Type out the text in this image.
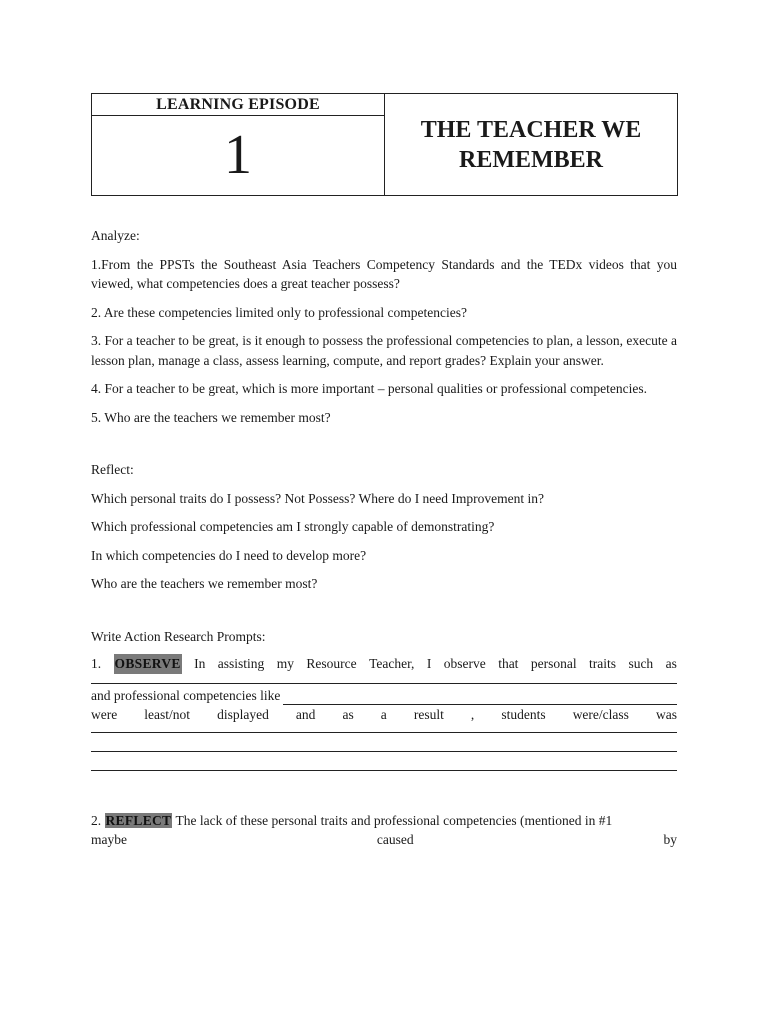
LEARNING EPISODE
1	THE TEACHER WE
REMEMBER

Analyze:

1.From the PPSTs the Southeast Asia Teachers Competency Standards and the TEDx videos that you viewed, what competencies does a great teacher possess?

2. Are these competencies limited only to professional competencies?

3. For a teacher to be great, is it enough to possess the professional competencies to plan, a lesson, execute a lesson plan, manage a class, assess learning, compute, and report grades? Explain your answer.

4. For a teacher to be great, which is more important – personal qualities or professional competencies.

5. Who are the teachers we remember most?

Reflect:

Which personal traits do I possess? Not Possess? Where do I need Improvement in?

Which professional competencies am I strongly capable of demonstrating?

In which competencies do I need to develop more?

Who are the teachers we remember most?

Write Action Research Prompts:

1. OBSERVE In assisting my Resource Teacher, I observe that personal traits such as
and professional competencies like
were least/not displayed and as a result , students were/class was

2. REFLECT The lack of these personal traits and professional competencies (mentioned in #1

maybe	caused	by
